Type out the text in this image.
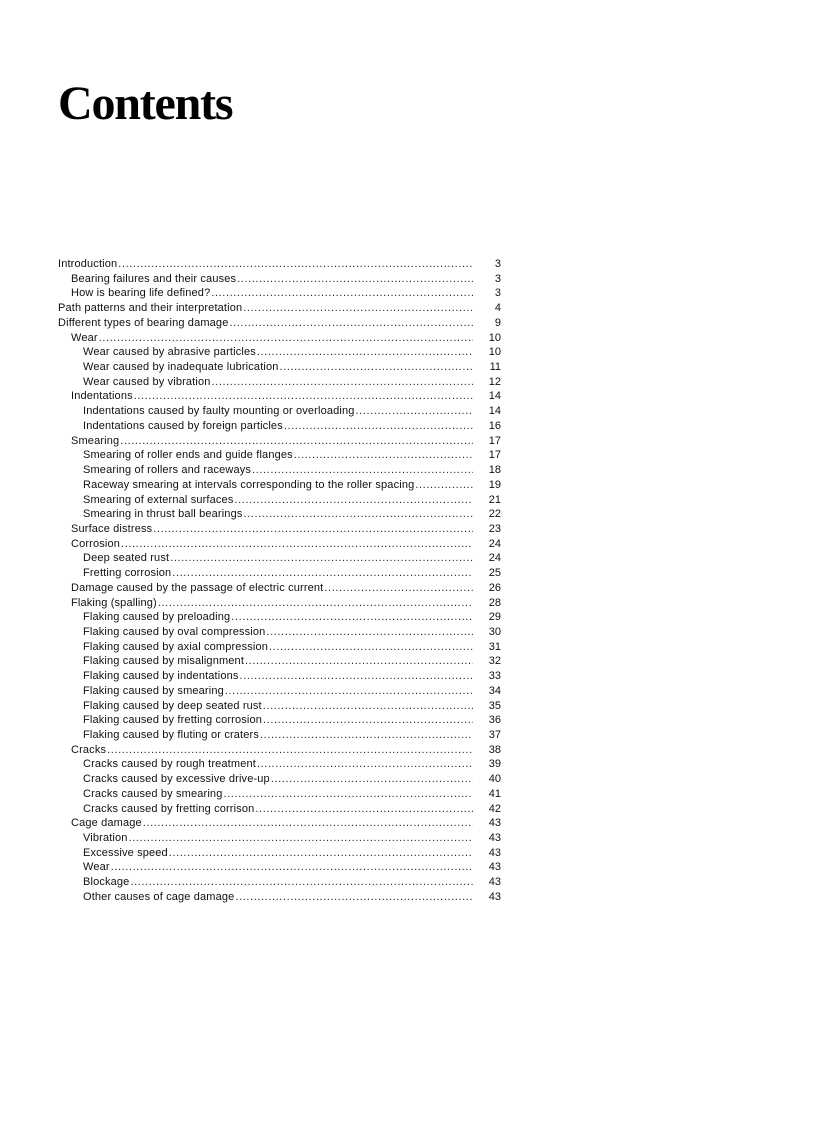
Contents
Introduction .....	3
Bearing failures and their causes .....	3
How is bearing life defined? .....	3
Path patterns and their interpretation .....	4
Different types of bearing damage .....	9
Wear .....	10
Wear caused by abrasive particles .....	10
Wear caused by inadequate lubrication .....	11
Wear caused by vibration .....	12
Indentations .....	14
Indentations caused by faulty mounting or overloading .....	14
Indentations caused by foreign particles .....	16
Smearing .....	17
Smearing of roller ends and guide flanges .....	17
Smearing of rollers and raceways .....	18
Raceway smearing at intervals corresponding to the roller spacing .....	19
Smearing of external surfaces .....	21
Smearing in thrust ball bearings .....	22
Surface distress .....	23
Corrosion .....	24
Deep seated rust .....	24
Fretting corrosion .....	25
Damage caused by the passage of electric current .....	26
Flaking (spalling) .....	28
Flaking caused by preloading .....	29
Flaking caused by oval compression .....	30
Flaking caused by axial compression .....	31
Flaking caused by misalignment .....	32
Flaking caused by indentations .....	33
Flaking caused by smearing .....	34
Flaking caused by deep seated rust .....	35
Flaking caused by fretting corrosion .....	36
Flaking caused by fluting or craters .....	37
Cracks .....	38
Cracks caused by rough treatment .....	39
Cracks caused by excessive drive-up .....	40
Cracks caused by smearing .....	41
Cracks caused by fretting corrison .....	42
Cage damage .....	43
Vibration .....	43
Excessive speed .....	43
Wear .....	43
Blockage .....	43
Other causes of cage damage .....	43
